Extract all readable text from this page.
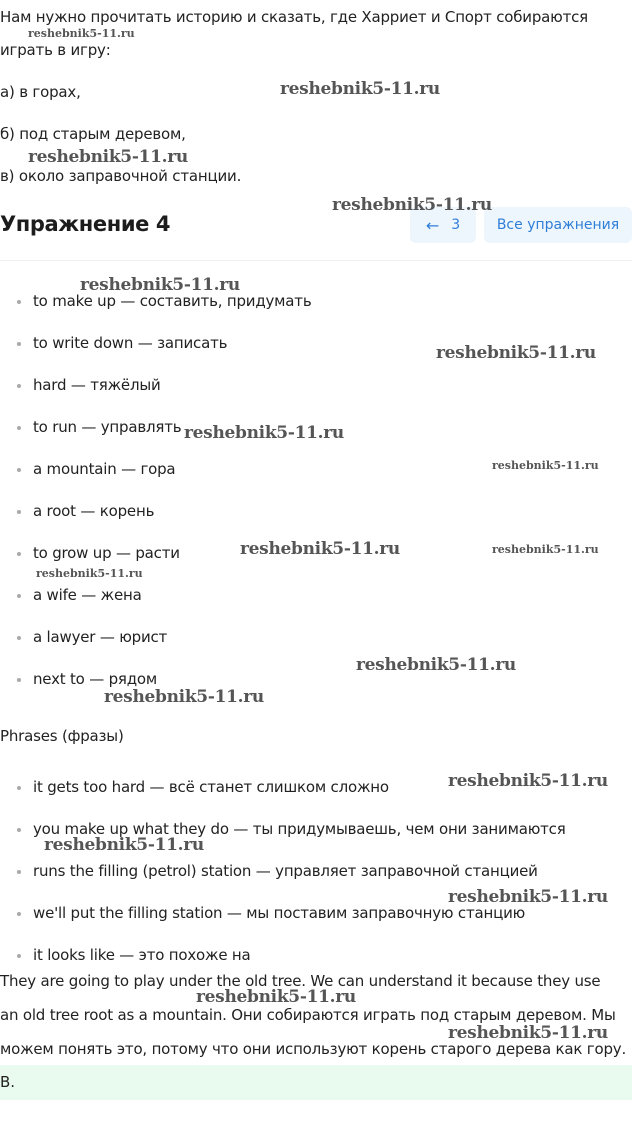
Нам нужно прочитать историю и сказать, где Харриет и Спорт собираются
играть в игру:
а) в горах,
б) под старым деревом,
в) около заправочной станции.
Упражнение 4	← 3	Все упражнения
to make up — составить, придумать
to write down — записать
hard — тяжёлый
to run — управлять
a mountain — гора
a root — корень
to grow up — расти
a wife — жена
a lawyer — юрист
next to — рядом
Phrases (фразы)
it gets too hard — всё станет слишком сложно
you make up what they do — ты придумываешь, чем они занимаются
runs the filling (petrol) station — управляет заправочной станцией
we'll put the filling station — мы поставим заправочную станцию
it looks like — это похоже на
They are going to play under the old tree. We can understand it because they use
an old tree root as a mountain. Они собираются играть под старым деревом. Мы
можем понять это, потому что они используют корень старого дерева как гору.
B.
reshebnik5-11.ru
reshebnik5-11.ru
reshebnik5-11.ru
reshebnik5-11.ru
reshebnik5-11.ru
reshebnik5-11.ru
reshebnik5-11.ru
reshebnik5-11.ru
reshebnik5-11.ru	reshebnik5-11.ru
reshebnik5-11.ru
reshebnik5-11.ru
reshebnik5-11.ru
reshebnik5-11.ru
reshebnik5-11.ru
reshebnik5-11.ru
reshebnik5-11.ru
reshebnik5-11.ru
